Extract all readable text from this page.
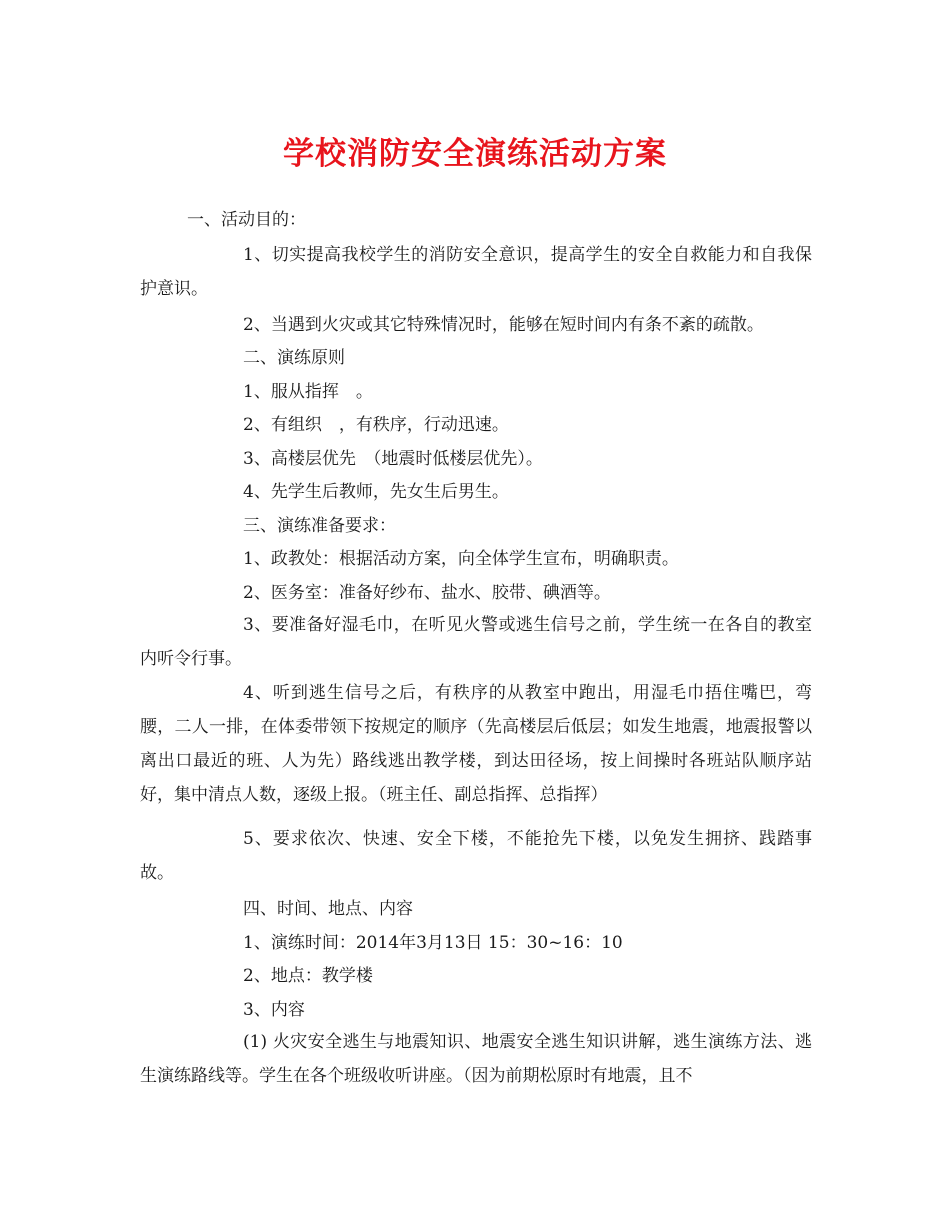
学校消防安全演练活动方案
一、活动目的：
1、切实提高我校学生的消防安全意识，提高学生的安全自救能力和自我保护意识。
2、当遇到火灾或其它特殊情况时，能够在短时间内有条不紊的疏散。
二、演练原则
1、服从指挥　。
2、有组织　，有秩序，行动迅速。
3、高楼层优先　（地震时低楼层优先）。
4、先学生后教师，先女生后男生。
三、演练准备要求：
1、政教处：根据活动方案，向全体学生宣布，明确职责。
2、医务室：准备好纱布、盐水、胶带、碘酒等。
3、要准备好湿毛巾，在听见火警或逃生信号之前，学生统一在各自的教室内听令行事。
4、听到逃生信号之后，有秩序的从教室中跑出，用湿毛巾捂住嘴巴，弯腰，二人一排，在体委带领下按规定的顺序（先高楼层后低层；如发生地震，地震报警以离出口最近的班、人为先）路线逃出教学楼，到达田径场，按上间操时各班站队顺序站好，集中清点人数，逐级上报。（班主任、副总指挥、总指挥）
5、要求依次、快速、安全下楼，不能抢先下楼，以免发生拥挤、践踏事故。
四、时间、地点、内容
1、演练时间：2014年3月13日 15：30~16：10
2、地点：教学楼
3、内容
(1) 火灾安全逃生与地震知识、地震安全逃生知识讲解，逃生演练方法、逃生演练路线等。学生在各个班级收听讲座。（因为前期松原时有地震，且不
